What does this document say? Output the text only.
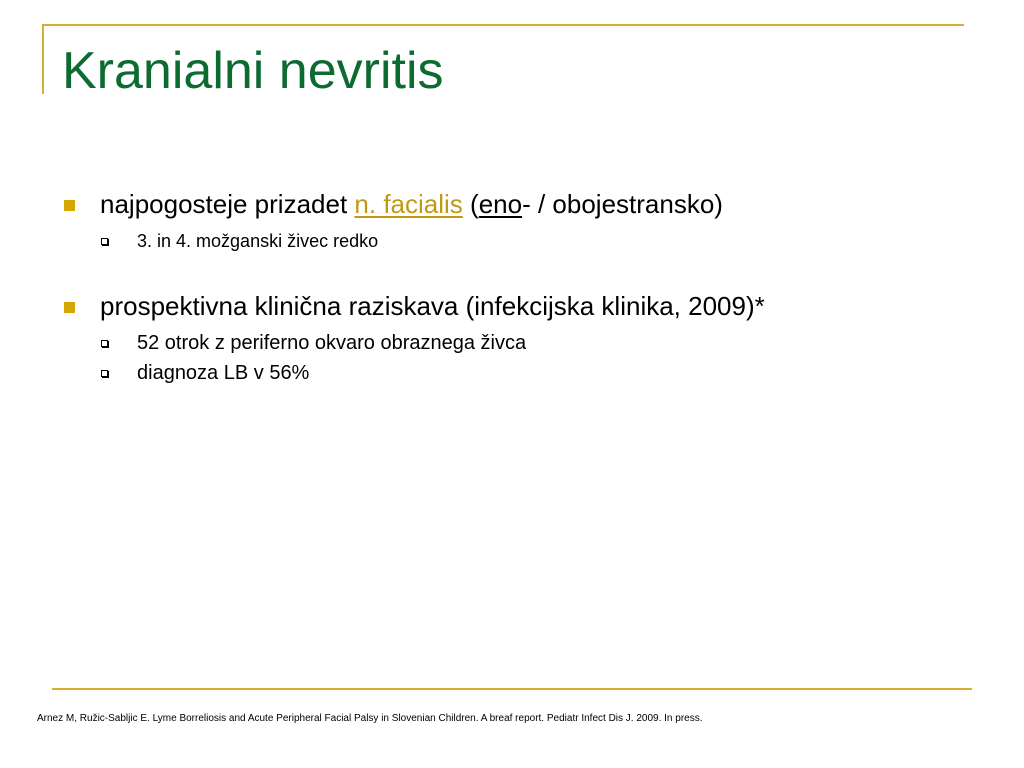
Kranialni nevritis
najpogosteje prizadet n. facialis (eno- / obojestransko)
3. in 4. možganski živec redko
prospektivna klinična raziskava (infekcijska klinika, 2009)*
52 otrok z periferno okvaro obraznega živca
diagnoza LB v 56%
Arnez M, Ružic-Sabljic E. Lyme Borreliosis and Acute Peripheral Facial Palsy in Slovenian Children. A breaf report. Pediatr Infect Dis J. 2009. In press.
